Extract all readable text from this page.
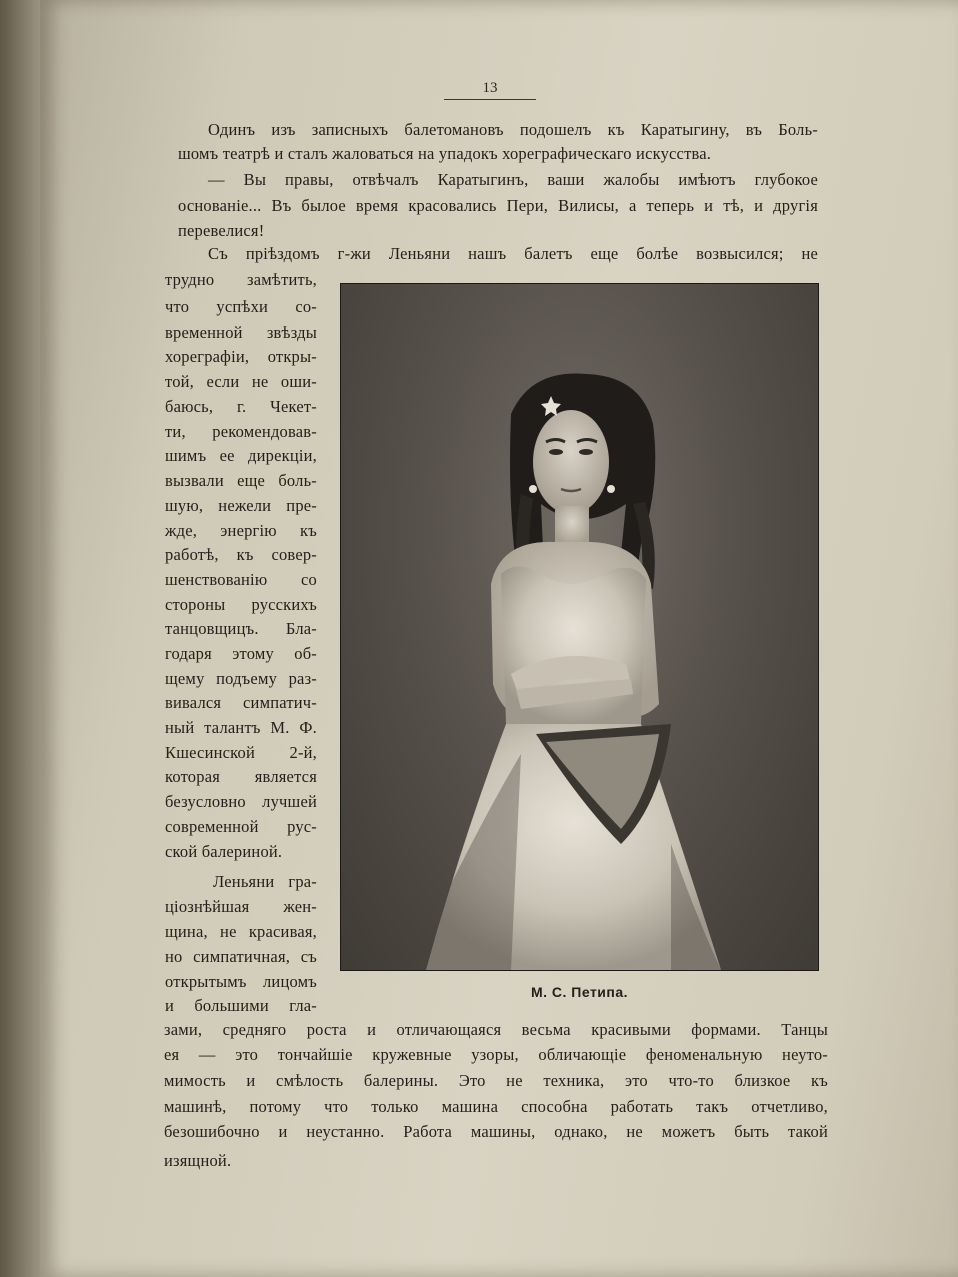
13
Одинъ изъ записныхъ балетомановъ подошелъ къ Каратыгину, въ Боль-
шомъ театрѣ и сталъ жаловаться на упадокъ хореграфическаго искусства.
— Вы правы, отвѣчалъ Каратыгинъ, ваши жалобы имѣютъ глубокое
основаніе... Въ былое время красовались Пери, Вилисы, а теперь и тѣ, и другія
перевелися!
Съ пріѣздомъ г-жи Леньяни нашъ балетъ еще болѣе возвысился; не
трудно замѣтить,
что успѣхи со-
временной звѣзды
хореграфіи, откры-
той, если не оши-
баюсь, г. Чекет-
ти, рекомендовав-
шимъ ее дирекціи,
вызвали еще боль-
шую, нежели пре-
жде, энергію къ
работѣ, къ совер-
шенствованію со
стороны русскихъ
танцовщицъ. Бла-
годаря этому об-
щему подъему раз-
вивался симпатич-
ный талантъ М. Ф.
Кшесинской 2-й,
которая является
безусловно лучшей
современной рус-
ской балериной.
Леньяни гра-
ціознѣйшая жен-
щина, не красивая,
но симпатичная, съ
открытымъ лицомъ
и большими гла-
зами, средняго роста и отличающаяся весьма красивыми формами. Танцы
ея — это тончайшіе кружевные узоры, обличающіе феноменальную неуто-
мимость и смѣлость балерины. Это не техника, это что-то близкое къ
машинѣ, потому что только машина способна работать такъ отчетливо,
безошибочно и неустанно. Работа машины, однако, не можетъ быть такой
изящной.
М. С. Петипа.
